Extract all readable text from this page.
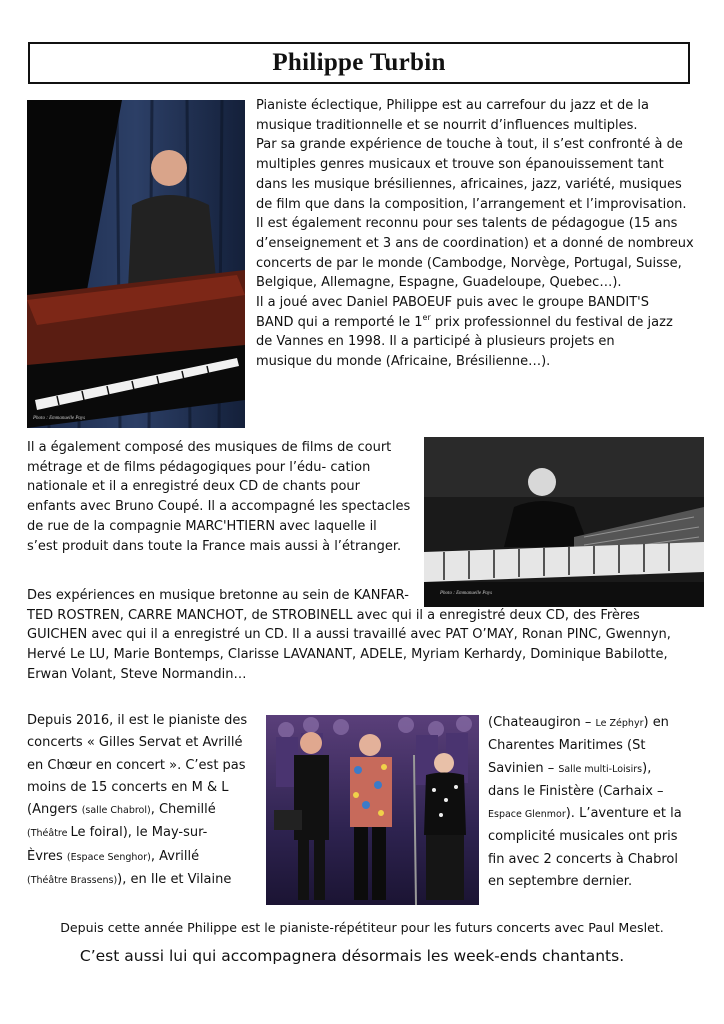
Philippe Turbin
Photo : Emmanuelle Pays
Pianiste éclectique, Philippe est au carrefour du jazz et de la
musique traditionnelle et se nourrit d’influences multiples.
Par sa grande expérience de touche à tout, il s’est confronté à de
multiples genres musicaux et trouve son épanouissement tant
dans les musique brésiliennes, africaines, jazz, variété, musiques
de film que dans la composition, l’arrangement et l’improvisation.
Il est également reconnu pour ses talents de pédagogue (15 ans
d’enseignement et 3 ans de coordination) et a donné de nombreux
concerts de par le monde (Cambodge, Norvège, Portugal, Suisse,
Belgique, Allemagne, Espagne, Guadeloupe, Quebec…).
Il a joué avec Daniel PABOEUF puis avec le groupe BANDIT'S
BAND qui a remporté le 1er prix professionnel du festival de jazz
de Vannes en 1998. Il a participé à plusieurs projets en
musique du monde (Africaine, Brésilienne…).
Il a également composé des musiques de films de court
métrage et de films pédagogiques pour l’édu- cation
nationale et il a enregistré deux CD de chants pour
enfants avec Bruno Coupé. Il a accompagné les spectacles
de rue de la compagnie MARC'HTIERN avec laquelle il
s’est produit dans toute la France mais aussi à l’étranger.
Photo : Emmanuelle Pays
Des expériences en musique bretonne au sein de KANFAR-
TED ROSTREN, CARRE MANCHOT, de STROBINELL avec qui il a enregistré deux CD, des Frères
GUICHEN avec qui il a enregistré un CD. Il a aussi travaillé avec PAT O’MAY, Ronan PINC, Gwennyn,
Hervé Le LU, Marie Bontemps, Clarisse LAVANANT, ADELE, Myriam Kerhardy, Dominique Babilotte,
Erwan Volant, Steve Normandin…
Depuis 2016, il est le pianiste des
concerts « Gilles Servat et Avrillé
en Chœur en concert ». C’est pas
moins de 15 concerts en M & L
(Angers (salle Chabrol), Chemillé
(Théâtre Le foiral), le May-sur-
Èvres (Espace Senghor), Avrillé
(Théâtre Brassens)), en Ile et Vilaine
(Chateaugiron – Le Zéphyr) en
Charentes Maritimes (St
Savinien – Salle multi-Loisirs),
dans le Finistère (Carhaix –
Espace Glenmor). L’aventure et la
complicité musicales ont pris
fin avec 2 concerts à Chabrol
en septembre dernier.

Depuis cette année Philippe est le pianiste-répétiteur pour les futurs concerts avec Paul Meslet.

C’est aussi lui qui accompagnera désormais les week-ends chantants.
